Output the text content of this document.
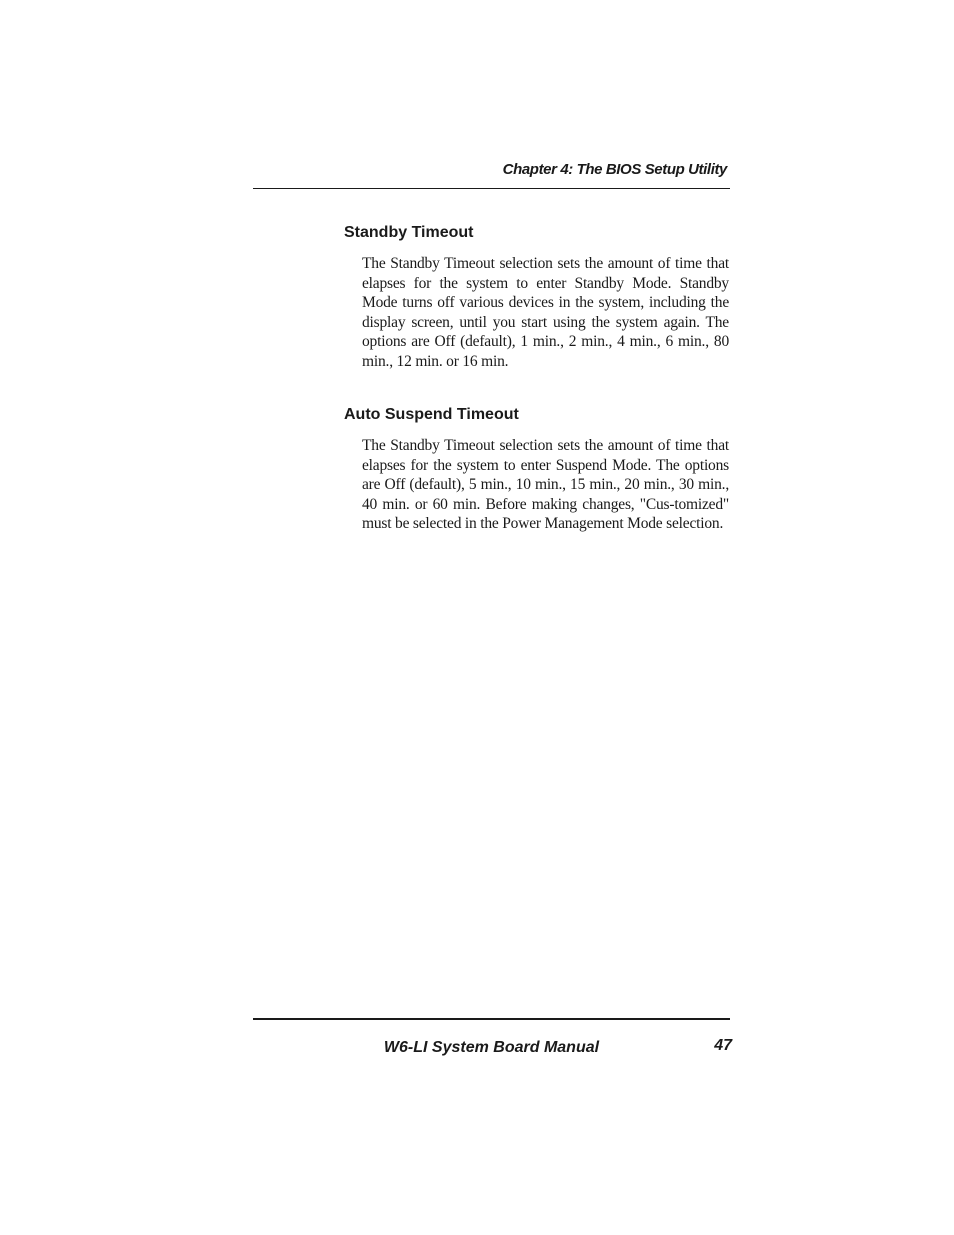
Chapter 4: The BIOS Setup Utility
Standby Timeout

The Standby Timeout selection sets the amount of time that elapses for the system to enter Standby Mode. Standby Mode turns off various devices in the system, including the display screen, until you start using the system again. The options are Off (default), 1 min., 2 min., 4 min., 6 min., 80 min., 12 min. or 16 min.

Auto Suspend Timeout

The Standby Timeout selection sets the amount of time that elapses for the system to enter Suspend Mode. The options are Off (default), 5 min., 10 min., 15 min., 20 min., 30 min., 40 min. or 60 min. Before making changes, "Cus-tomized" must be selected in the Power Management Mode selection.

W6-LI System Board Manual	47
